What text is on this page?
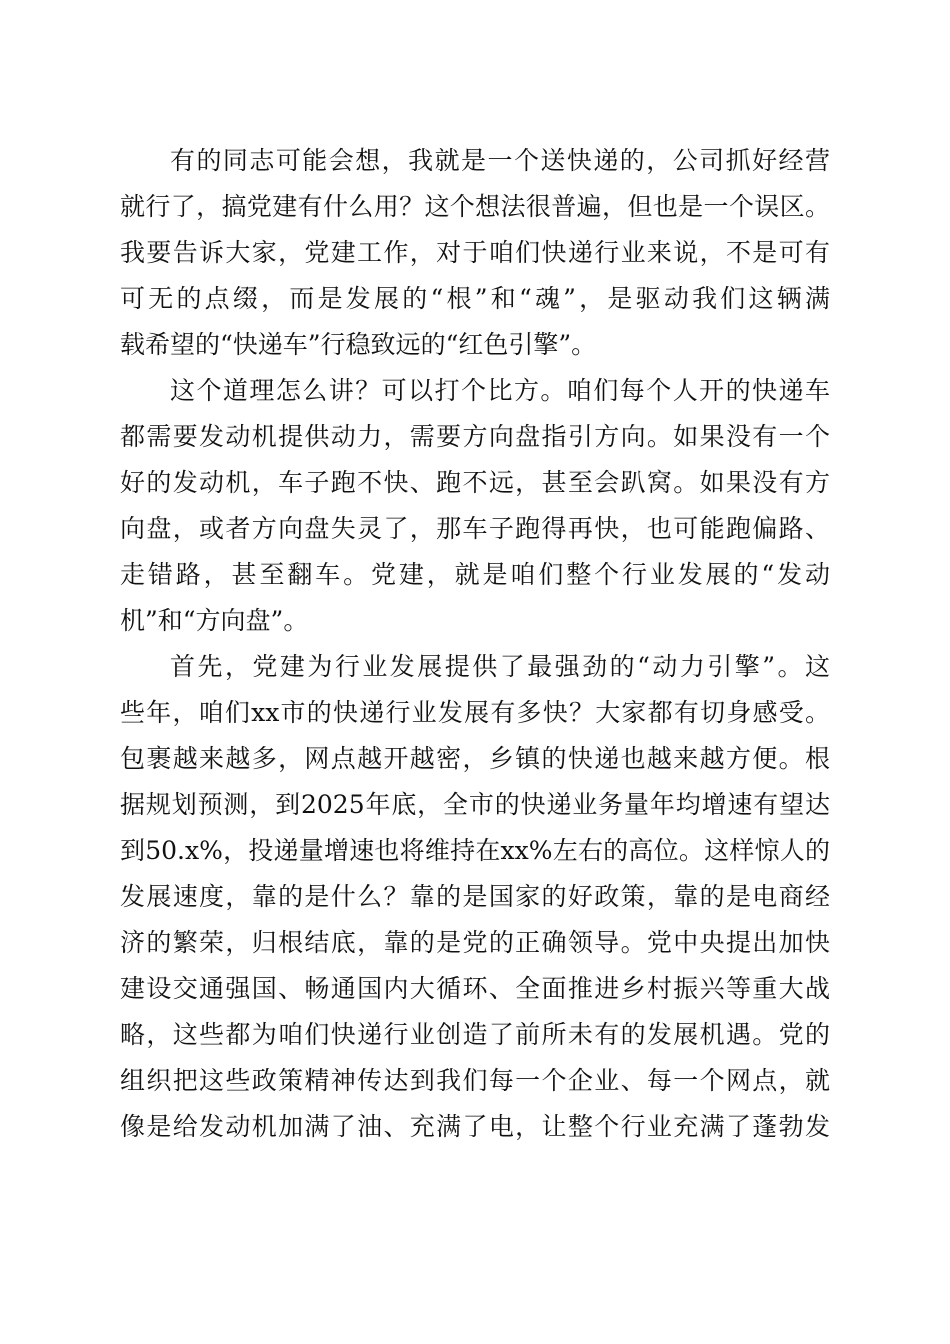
有的同志可能会想，我就是一个送快递的，公司抓好经营
就行了，搞党建有什么用？这个想法很普遍，但也是一个误区。
我要告诉大家，党建工作，对于咱们快递行业来说，不是可有
可无的点缀，而是发展的“根”和“魂”，是驱动我们这辆满
载希望的“快递车”行稳致远的“红色引擎”。
这个道理怎么讲？可以打个比方。咱们每个人开的快递车
都需要发动机提供动力，需要方向盘指引方向。如果没有一个
好的发动机，车子跑不快、跑不远，甚至会趴窝。如果没有方
向盘，或者方向盘失灵了，那车子跑得再快，也可能跑偏路、
走错路，甚至翻车。党建，就是咱们整个行业发展的“发动
机”和“方向盘”。
首先，党建为行业发展提供了最强劲的“动力引擎”。这
些年，咱们xx市的快递行业发展有多快？大家都有切身感受。
包裹越来越多，网点越开越密，乡镇的快递也越来越方便。根
据规划预测，到2025年底，全市的快递业务量年均增速有望达
到50.x%，投递量增速也将维持在xx%左右的高位。这样惊人的
发展速度，靠的是什么？靠的是国家的好政策，靠的是电商经
济的繁荣，归根结底，靠的是党的正确领导。党中央提出加快
建设交通强国、畅通国内大循环、全面推进乡村振兴等重大战
略，这些都为咱们快递行业创造了前所未有的发展机遇。党的
组织把这些政策精神传达到我们每一个企业、每一个网点，就
像是给发动机加满了油、充满了电，让整个行业充满了蓬勃发
